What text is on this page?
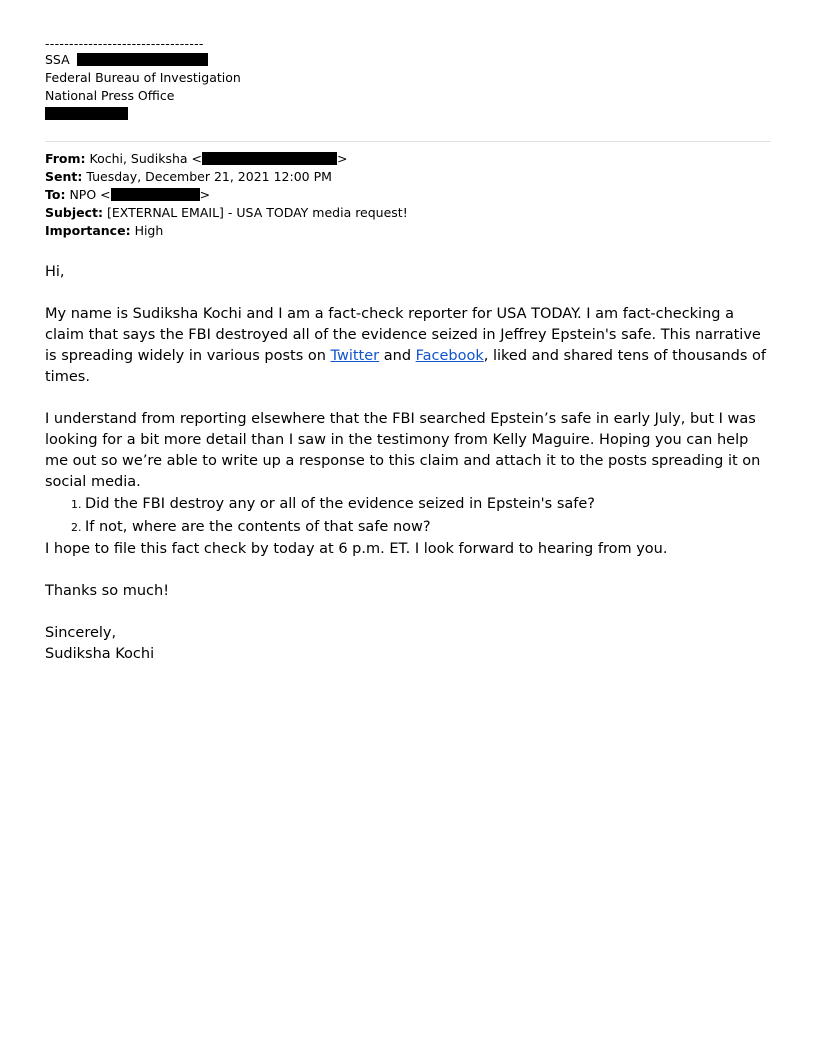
---------------------------------
SSA
Federal Bureau of Investigation
National Press Office
From: Kochi, Sudiksha <	>
Sent: Tuesday, December 21, 2021 12:00 PM
To: NPO <	>
Subject: [EXTERNAL EMAIL] - USA TODAY media request!
Importance: High

Hi,

My name is Sudiksha Kochi and I am a fact-check reporter for USA TODAY. I am fact-checking a claim that says the FBI destroyed all of the evidence seized in Jeffrey Epstein's safe. This narrative is spreading widely in various posts on Twitter and Facebook, liked and shared tens of thousands of times.

I understand from reporting elsewhere that the FBI searched Epstein’s safe in early July, but I was looking for a bit more detail than I saw in the testimony from Kelly Maguire. Hoping you can help me out so we’re able to write up a response to this claim and attach it to the posts spreading it on social media.

1. Did the FBI destroy any or all of the evidence seized in Epstein's safe?
2. If not, where are the contents of that safe now?

I hope to file this fact check by today at 6 p.m. ET. I look forward to hearing from you.

Thanks so much!

Sincerely,
Sudiksha Kochi
